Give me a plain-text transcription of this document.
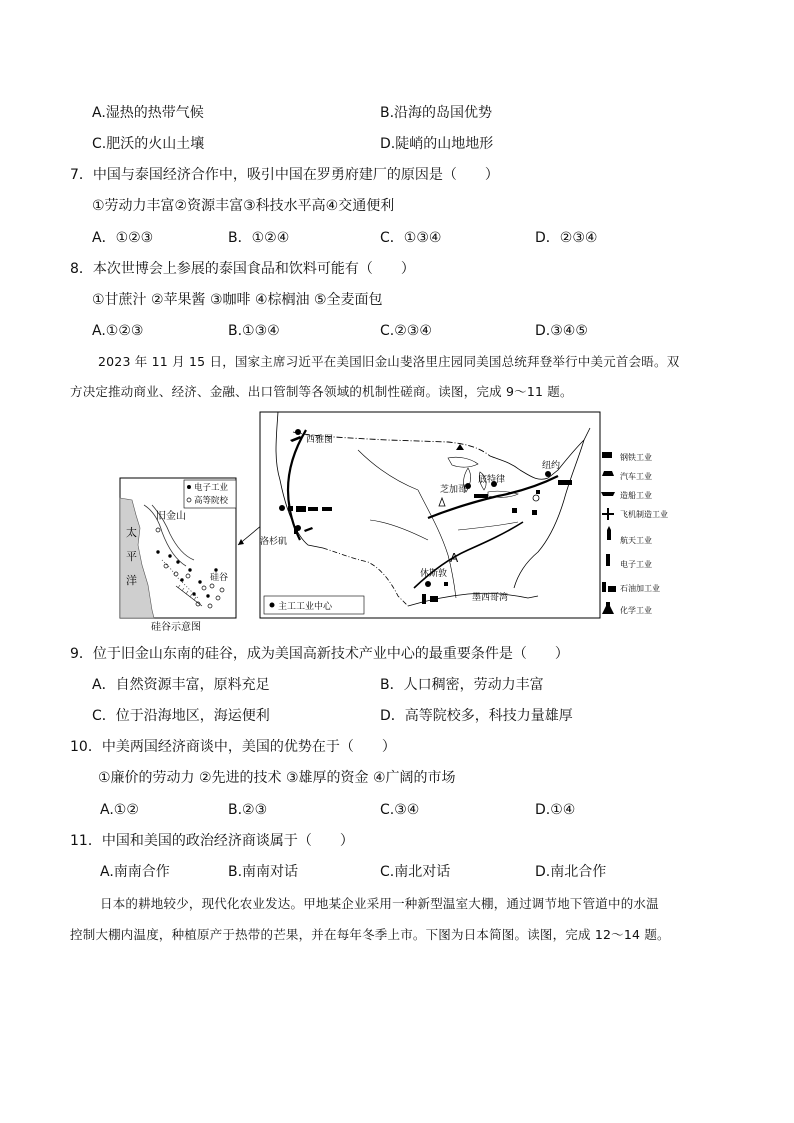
A.湿热的热带气候	B.沿海的岛国优势
C.肥沃的火山土壤	D.陡峭的山地地形
7．中国与泰国经济合作中，吸引中国在罗勇府建厂的原因是（　　）
①劳动力丰富②资源丰富③科技水平高④交通便利
A．①②③	B．①②④	C．①③④	D．②③④
8．本次世博会上参展的泰国食品和饮料可能有（　　）
①甘蔗汁 ②苹果酱 ③咖啡 ④棕榈油 ⑤全麦面包
A.①②③	B.①③④	C.②③④	D.③④⑤
2023 年 11 月 15 日，国家主席习近平在美国旧金山斐洛里庄园同美国总统拜登举行中美元首会晤。双
方决定推动商业、经济、金融、出口管制等各领域的机制性磋商。读图，完成 9～11 题。
太
平
洋
旧金山
硅谷
电子工业
高等院校
硅谷示意图
A
西雅图
洛杉矶
芝加哥
底特律
纽约
休斯敦
墨西哥湾
主工工业中心
钢铁工业
汽车工业
造船工业
飞机制造工业
航天工业
电子工业
石油加工业
化学工业
9．位于旧金山东南的硅谷，成为美国高新技术产业中心的最重要条件是（　　）
A．自然资源丰富，原料充足	B．人口稠密，劳动力丰富
C．位于沿海地区，海运便利	D．高等院校多，科技力量雄厚
10．中美两国经济商谈中，美国的优势在于（　　）
①廉价的劳动力 ②先进的技术 ③雄厚的资金 ④广阔的市场
A.①②	B.②③	C.③④	D.①④
11．中国和美国的政治经济商谈属于（　　）
A.南南合作	B.南南对话	C.南北对话	D.南北合作
日本的耕地较少，现代化农业发达。甲地某企业采用一种新型温室大棚，通过调节地下管道中的水温
控制大棚内温度，种植原产于热带的芒果，并在每年冬季上市。下图为日本简图。读图，完成 12～14 题。
